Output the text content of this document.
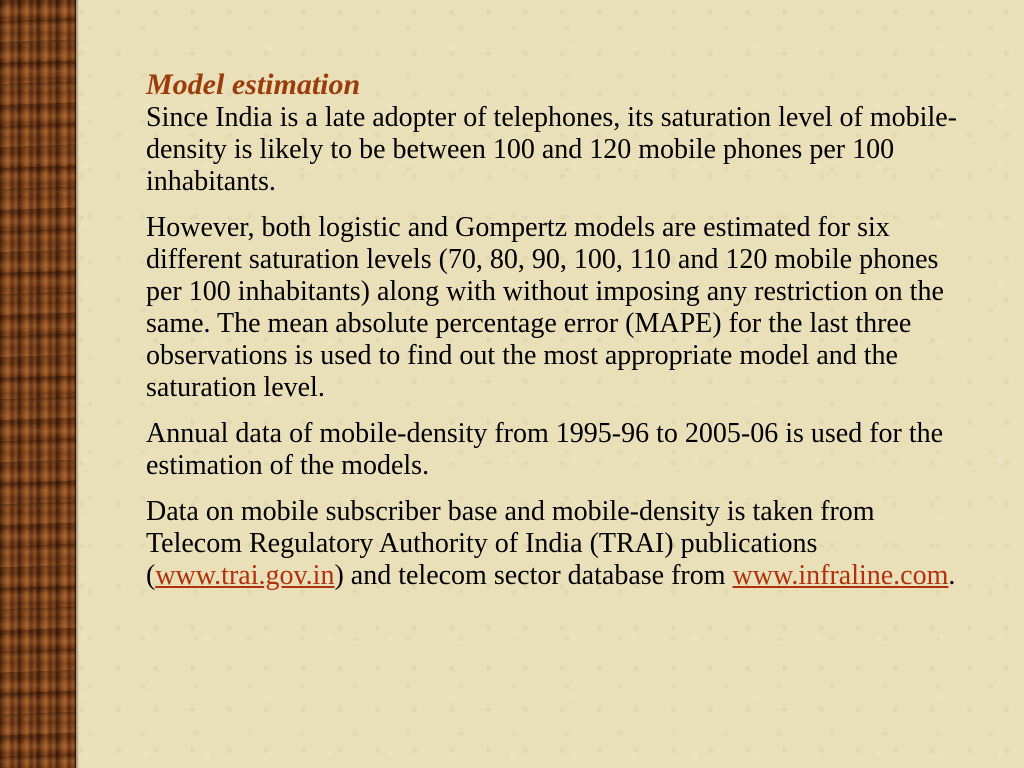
Model estimation

Since India is a late adopter of telephones, its saturation level of mobile-density is likely to be between 100 and 120 mobile phones per 100 inhabitants.

However, both logistic and Gompertz models are estimated for six different saturation levels (70, 80, 90, 100, 110 and 120 mobile phones per 100 inhabitants) along with without imposing any restriction on the same. The mean absolute percentage error (MAPE) for the last three observations is used to find out the most appropriate model and the saturation level.

Annual data of mobile-density from 1995-96 to 2005-06 is used for the estimation of the models.

Data on mobile subscriber base and mobile-density is taken from Telecom Regulatory Authority of India (TRAI) publications (www.trai.gov.in) and telecom sector database from www.infraline.com.
